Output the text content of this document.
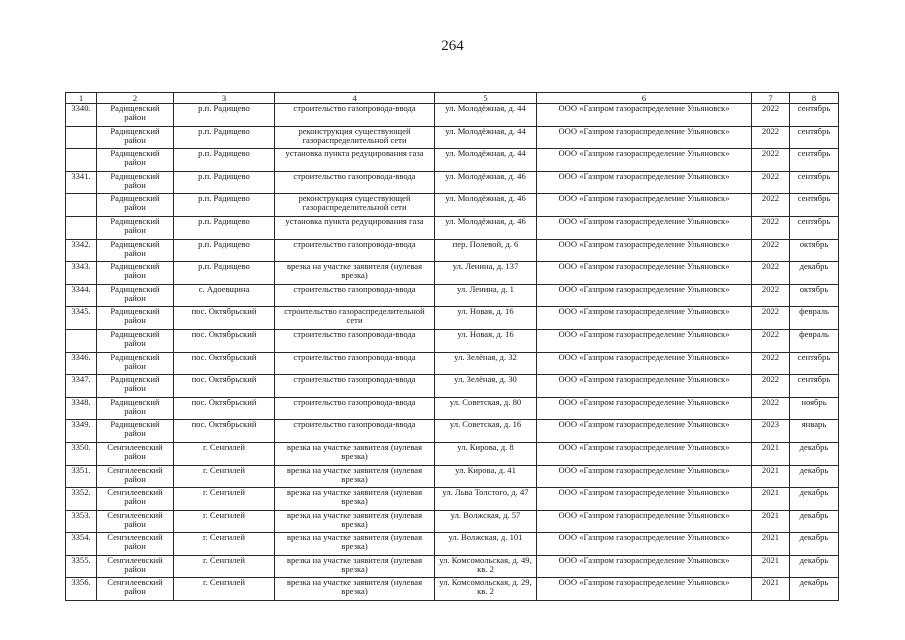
264
1	2	3	4	5	6	7	8
3340.	Радищевский район	р.п. Радищево	строительство газопровода-ввода	ул. Молодёжная, д. 44	ООО «Газпром газораспределение Ульяновск»	2022	сентябрь
	Радищевский район	р.п. Радищево	реконструкция существующей газораспределительной сети	ул. Молодёжная, д. 44	ООО «Газпром газораспределение Ульяновск»	2022	сентябрь
	Радищевский район	р.п. Радищево	установка пункта редуцирования газа	ул. Молодёжная, д. 44	ООО «Газпром газораспределение Ульяновск»	2022	сентябрь
3341.	Радищевский район	р.п. Радищево	строительство газопровода-ввода	ул. Молодёжная, д. 46	ООО «Газпром газораспределение Ульяновск»	2022	сентябрь
	Радищевский район	р.п. Радищево	реконструкция существующей газораспределительной сети	ул. Молодёжная, д. 46	ООО «Газпром газораспределение Ульяновск»	2022	сентябрь
	Радищевский район	р.п. Радищево	установка пункта редуцирования газа	ул. Молодёжная, д. 46	ООО «Газпром газораспределение Ульяновск»	2022	сентябрь
3342.	Радищевский район	р.п. Радищево	строительство газопровода-ввода	пер. Полевой, д. 6	ООО «Газпром газораспределение Ульяновск»	2022	октябрь
3343.	Радищевский район	р.п. Радищево	врезка на участке заявителя (нулевая врезка)	ул. Ленина, д. 137	ООО «Газпром газораспределение Ульяновск»	2022	декабрь
3344.	Радищевский район	с. Адоевщина	строительство газопровода-ввода	ул. Ленина, д. 1	ООО «Газпром газораспределение Ульяновск»	2022	октябрь
3345.	Радищевский район	пос. Октябрьский	строительство газораспределительной сети	ул. Новая, д. 16	ООО «Газпром газораспределение Ульяновск»	2022	февраль
	Радищевский район	пос. Октябрьский	строительство газопровода-ввода	ул. Новая, д. 16	ООО «Газпром газораспределение Ульяновск»	2022	февраль
3346.	Радищевский район	пос. Октябрьский	строительство газопровода-ввода	ул. Зелёная, д. 32	ООО «Газпром газораспределение Ульяновск»	2022	сентябрь
3347.	Радищевский район	пос. Октябрьский	строительство газопровода-ввода	ул. Зелёная, д. 30	ООО «Газпром газораспределение Ульяновск»	2022	сентябрь
3348.	Радищевский район	пос. Октябрьский	строительство газопровода-ввода	ул. Советская, д. 80	ООО «Газпром газораспределение Ульяновск»	2022	ноябрь
3349.	Радищевский район	пос. Октябрьский	строительство газопровода-ввода	ул. Советская, д. 16	ООО «Газпром газораспределение Ульяновск»	2023	январь
3350.	Сенгилеевский район	г. Сенгилей	врезка на участке заявителя (нулевая врезка)	ул. Кирова, д. 8	ООО «Газпром газораспределение Ульяновск»	2021	декабрь
3351.	Сенгилеевский район	г. Сенгилей	врезка на участке заявителя (нулевая врезка)	ул. Кирова, д. 41	ООО «Газпром газораспределение Ульяновск»	2021	декабрь
3352.	Сенгилеевский район	г. Сенгилей	врезка на участке заявителя (нулевая врезка)	ул. Льва Толстого, д. 47	ООО «Газпром газораспределение Ульяновск»	2021	декабрь
3353.	Сенгилеевский район	г. Сенгилей	врезка на участке заявителя (нулевая врезка)	ул. Волжская, д. 57	ООО «Газпром газораспределение Ульяновск»	2021	декабрь
3354.	Сенгилеевский район	г. Сенгилей	врезка на участке заявителя (нулевая врезка)	ул. Волжская, д. 101	ООО «Газпром газораспределение Ульяновск»	2021	декабрь
3355.	Сенгилеевский район	г. Сенгилей	врезка на участке заявителя (нулевая врезка)	ул. Комсомольская, д. 49, кв. 2	ООО «Газпром газораспределение Ульяновск»	2021	декабрь
3356.	Сенгилеевский район	г. Сенгилей	врезка на участке заявителя (нулевая врезка)	ул. Комсомольская, д. 29, кв. 2	ООО «Газпром газораспределение Ульяновск»	2021	декабрь
